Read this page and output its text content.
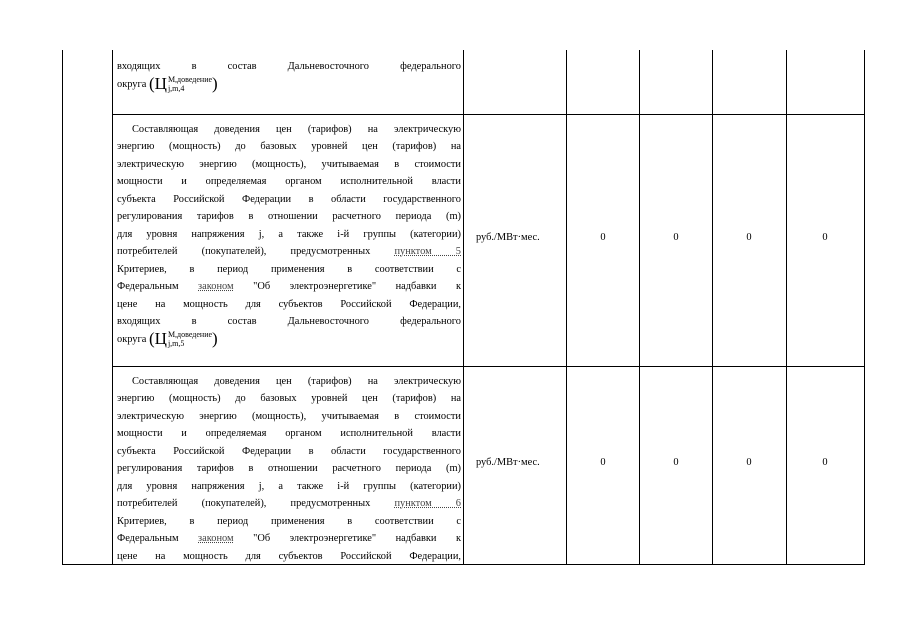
входящих в состав Дальневосточного федерального

округа (Ц М,доведение
j,m,4	)

Составляющая доведения цен (тарифов) на электрическую

энергию (мощность) до базовых уровней цен (тарифов) на

электрическую энергию (мощность), учитываемая в стоимости

мощности и определяемая органом исполнительной власти

субъекта Российской Федерации в области государственного

регулирования тарифов в отношении расчетного периода (m)

для уровня напряжения j, а также i-й группы (категории)

потребителей (покупателей), предусмотренных пунктом 5

Критериев, в период применения в соответствии с

Федеральным законом "Об электроэнергетике" надбавки к

цене на мощность для субъектов Российской Федерации,

входящих в состав Дальневосточного федерального

округа (Ц М,доведение
j,m,5	)

руб./МВт·мес.	0	0	0	0

Составляющая доведения цен (тарифов) на электрическую

энергию (мощность) до базовых уровней цен (тарифов) на

электрическую энергию (мощность), учитываемая в стоимости

мощности и определяемая органом исполнительной власти

субъекта Российской Федерации в области государственного

регулирования тарифов в отношении расчетного периода (m)

для уровня напряжения j, а также i-й группы (категории)

потребителей (покупателей), предусмотренных пунктом 6

Критериев, в период применения в соответствии с

Федеральным законом "Об электроэнергетике" надбавки к

цене на мощность для субъектов Российской Федерации,

руб./МВт·мес.	0	0	0	0
